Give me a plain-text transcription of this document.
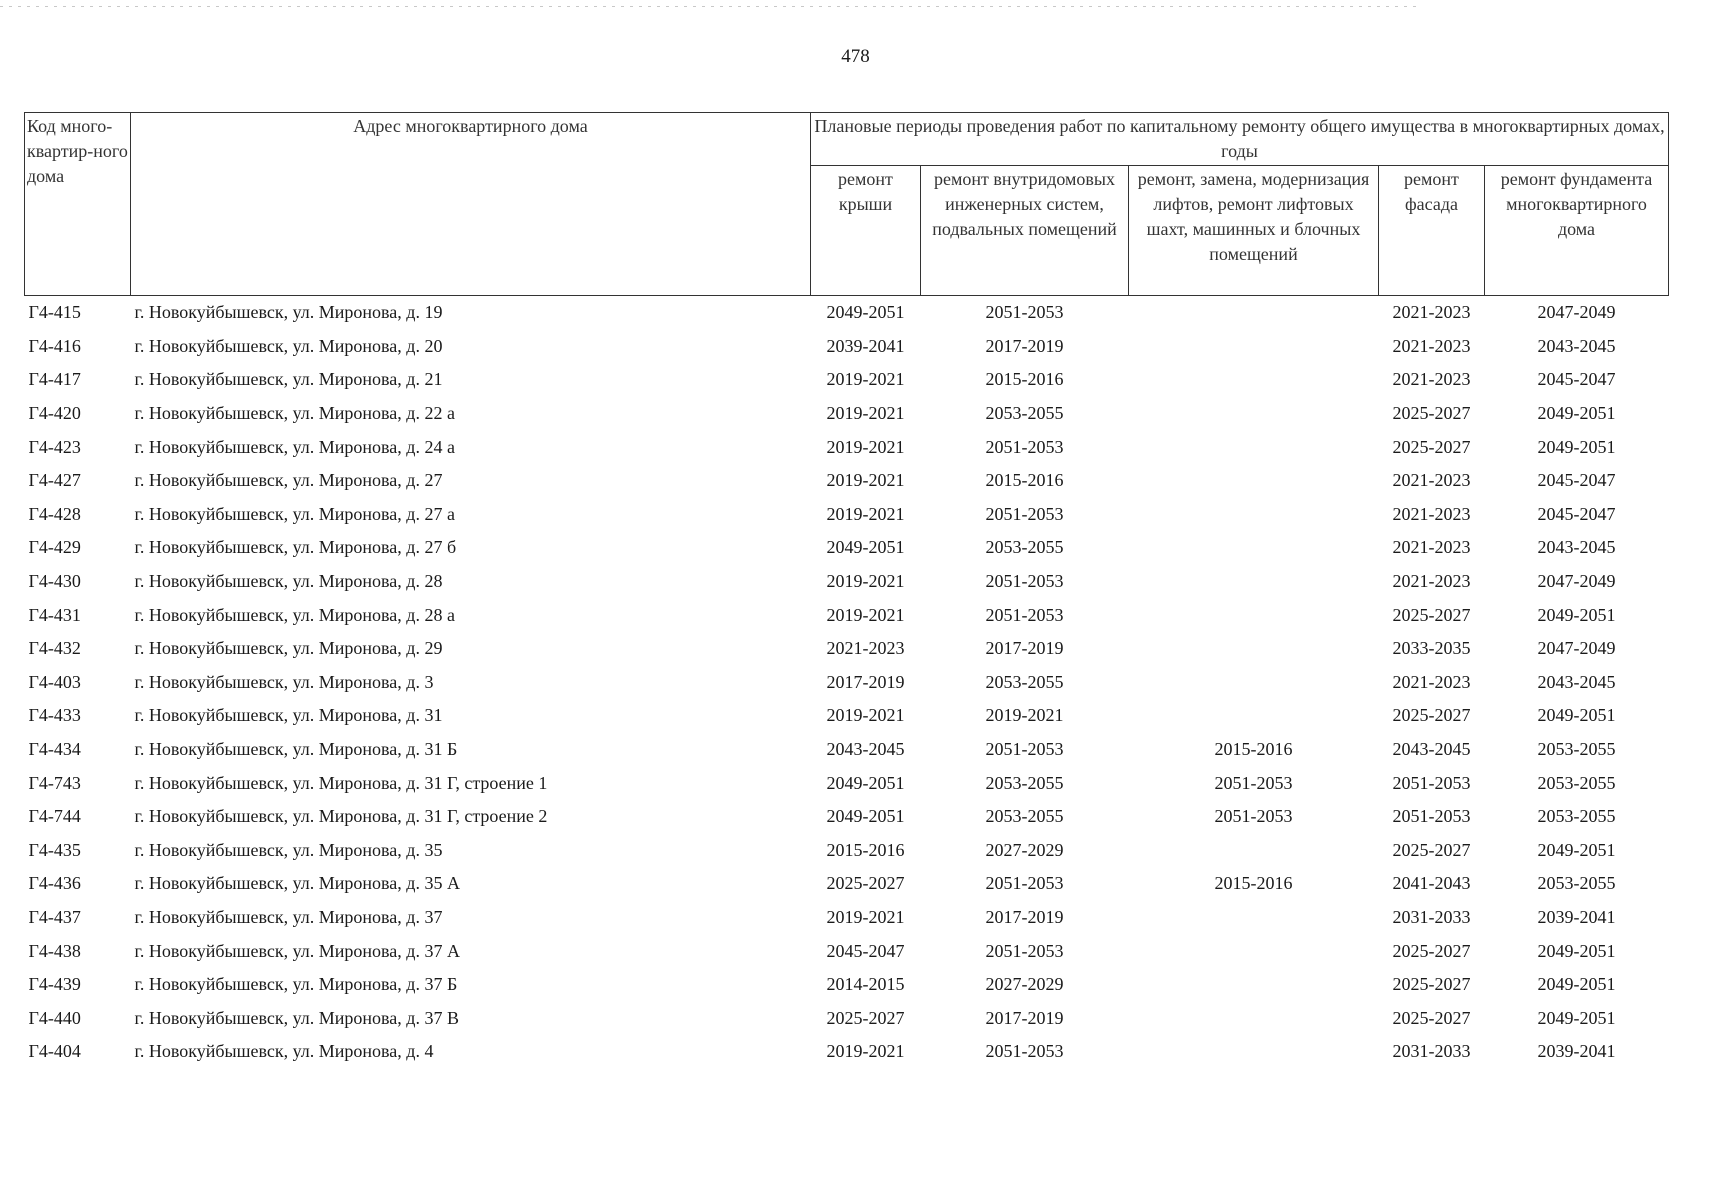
478
Код много-квартир-ного дома	Адрес многоквартирного дома	Плановые периоды проведения работ по капитальному ремонту общего имущества в многоквартирных домах, годы				
		ремонт крыши	ремонт внутридомовых инженерных систем, подвальных помещений	ремонт, замена, модернизация лифтов, ремонт лифтовых шахт, машинных и блочных помещений	ремонт фасада	ремонт фундамента многоквартирного дома
Г4-415	г. Новокуйбышевск, ул. Миронова, д. 19	2049-2051	2051-2053		2021-2023	2047-2049
Г4-416	г. Новокуйбышевск, ул. Миронова, д. 20	2039-2041	2017-2019		2021-2023	2043-2045
Г4-417	г. Новокуйбышевск, ул. Миронова, д. 21	2019-2021	2015-2016		2021-2023	2045-2047
Г4-420	г. Новокуйбышевск, ул. Миронова, д. 22 а	2019-2021	2053-2055		2025-2027	2049-2051
Г4-423	г. Новокуйбышевск, ул. Миронова, д. 24 а	2019-2021	2051-2053		2025-2027	2049-2051
Г4-427	г. Новокуйбышевск, ул. Миронова, д. 27	2019-2021	2015-2016		2021-2023	2045-2047
Г4-428	г. Новокуйбышевск, ул. Миронова, д. 27 а	2019-2021	2051-2053		2021-2023	2045-2047
Г4-429	г. Новокуйбышевск, ул. Миронова, д. 27 б	2049-2051	2053-2055		2021-2023	2043-2045
Г4-430	г. Новокуйбышевск, ул. Миронова, д. 28	2019-2021	2051-2053		2021-2023	2047-2049
Г4-431	г. Новокуйбышевск, ул. Миронова, д. 28 а	2019-2021	2051-2053		2025-2027	2049-2051
Г4-432	г. Новокуйбышевск, ул. Миронова, д. 29	2021-2023	2017-2019		2033-2035	2047-2049
Г4-403	г. Новокуйбышевск, ул. Миронова, д. 3	2017-2019	2053-2055		2021-2023	2043-2045
Г4-433	г. Новокуйбышевск, ул. Миронова, д. 31	2019-2021	2019-2021		2025-2027	2049-2051
Г4-434	г. Новокуйбышевск, ул. Миронова, д. 31 Б	2043-2045	2051-2053	2015-2016	2043-2045	2053-2055
Г4-743	г. Новокуйбышевск, ул. Миронова, д. 31 Г, строение 1	2049-2051	2053-2055	2051-2053	2051-2053	2053-2055
Г4-744	г. Новокуйбышевск, ул. Миронова, д. 31 Г, строение 2	2049-2051	2053-2055	2051-2053	2051-2053	2053-2055
Г4-435	г. Новокуйбышевск, ул. Миронова, д. 35	2015-2016	2027-2029		2025-2027	2049-2051
Г4-436	г. Новокуйбышевск, ул. Миронова, д. 35 А	2025-2027	2051-2053	2015-2016	2041-2043	2053-2055
Г4-437	г. Новокуйбышевск, ул. Миронова, д. 37	2019-2021	2017-2019		2031-2033	2039-2041
Г4-438	г. Новокуйбышевск, ул. Миронова, д. 37 А	2045-2047	2051-2053		2025-2027	2049-2051
Г4-439	г. Новокуйбышевск, ул. Миронова, д. 37 Б	2014-2015	2027-2029		2025-2027	2049-2051
Г4-440	г. Новокуйбышевск, ул. Миронова, д. 37 В	2025-2027	2017-2019		2025-2027	2049-2051
Г4-404	г. Новокуйбышевск, ул. Миронова, д. 4	2019-2021	2051-2053		2031-2033	2039-2041
